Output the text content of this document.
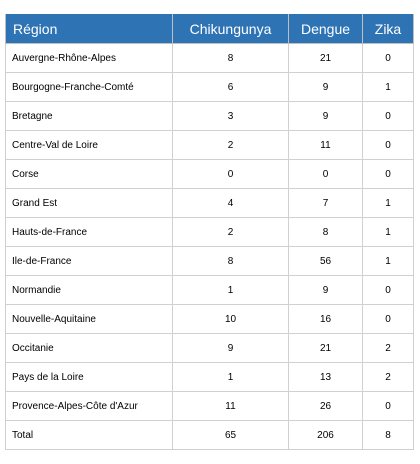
Région	Chikungunya	Dengue	Zika
Auvergne-Rhône-Alpes	8	21	0
Bourgogne-Franche-Comté	6	9	1
Bretagne	3	9	0
Centre-Val de Loire	2	11	0
Corse	0	0	0
Grand Est	4	7	1
Hauts-de-France	2	8	1
Ile-de-France	8	56	1
Normandie	1	9	0
Nouvelle-Aquitaine	10	16	0
Occitanie	9	21	2
Pays de la Loire	1	13	2
Provence-Alpes-Côte d'Azur	11	26	0
Total	65	206	8
